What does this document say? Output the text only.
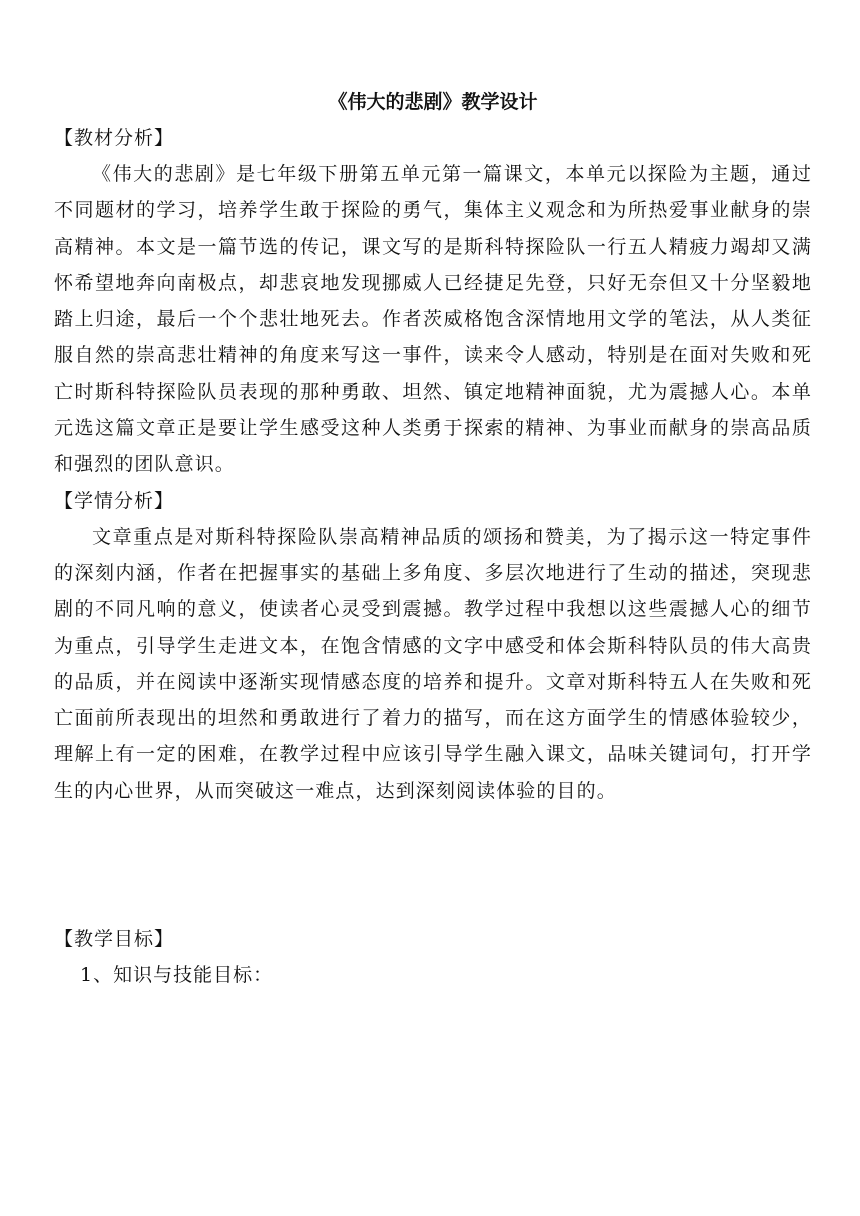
《伟大的悲剧》教学设计

【教材分析】

《伟大的悲剧》是七年级下册第五单元第一篇课文，本单元以探险为主题，通过不同题材的学习，培养学生敢于探险的勇气，集体主义观念和为所热爱事业献身的崇高精神。本文是一篇节选的传记，课文写的是斯科特探险队一行五人精疲力竭却又满怀希望地奔向南极点，却悲哀地发现挪威人已经捷足先登，只好无奈但又十分坚毅地踏上归途，最后一个个悲壮地死去。作者茨威格饱含深情地用文学的笔法，从人类征服自然的崇高悲壮精神的角度来写这一事件，读来令人感动，特别是在面对失败和死亡时斯科特探险队员表现的那种勇敢、坦然、镇定地精神面貌，尤为震撼人心。本单元选这篇文章正是要让学生感受这种人类勇于探索的精神、为事业而献身的崇高品质和强烈的团队意识。

【学情分析】

文章重点是对斯科特探险队崇高精神品质的颂扬和赞美，为了揭示这一特定事件的深刻内涵，作者在把握事实的基础上多角度、多层次地进行了生动的描述，突现悲剧的不同凡响的意义，使读者心灵受到震撼。教学过程中我想以这些震撼人心的细节为重点，引导学生走进文本，在饱含情感的文字中感受和体会斯科特队员的伟大高贵的品质，并在阅读中逐渐实现情感态度的培养和提升。文章对斯科特五人在失败和死亡面前所表现出的坦然和勇敢进行了着力的描写，而在这方面学生的情感体验较少，理解上有一定的困难，在教学过程中应该引导学生融入课文，品味关键词句，打开学生的内心世界，从而突破这一难点，达到深刻阅读体验的目的。

【教学目标】

1、知识与技能目标：
